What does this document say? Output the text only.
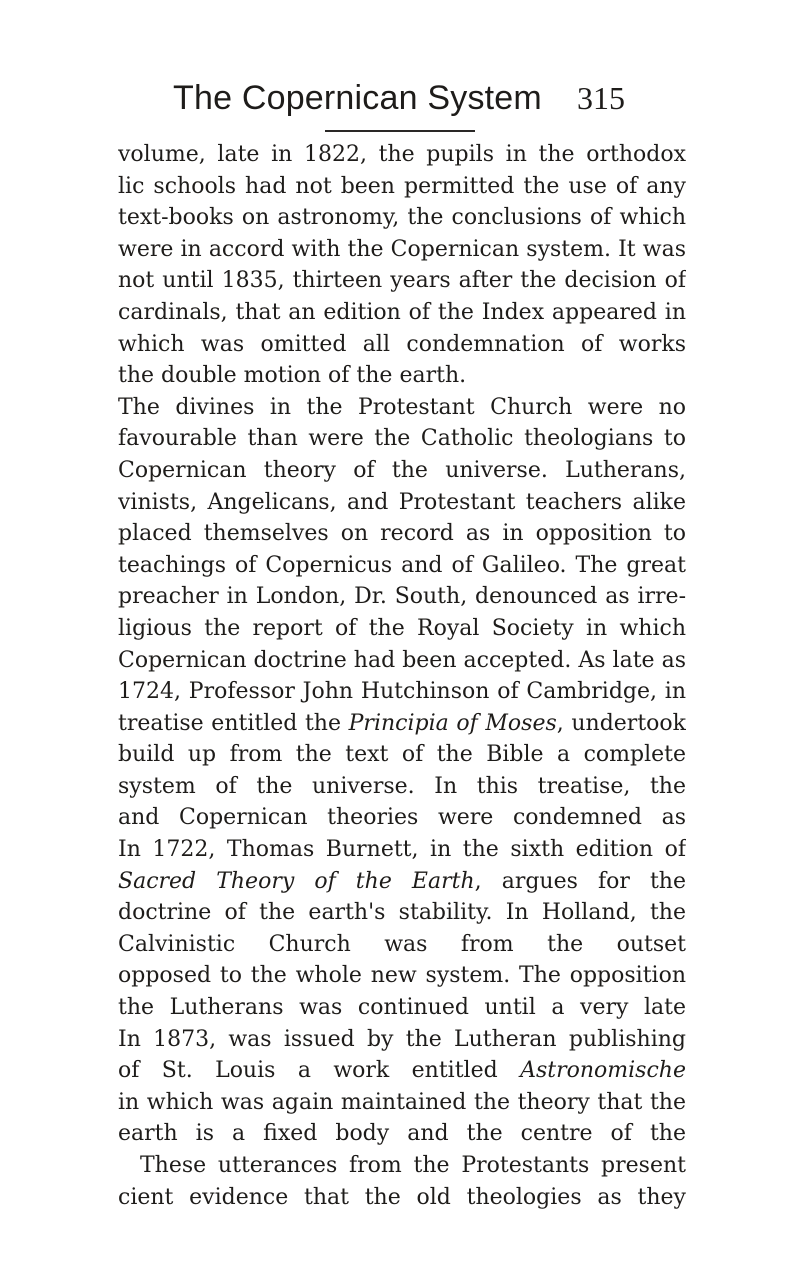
The Copernican System 315
volume, late in 1822, the pupils in the orthodox
lic schools had not been permitted the use of any
text-books on astronomy, the conclusions of which
were in accord with the Copernican system. It was
not until 1835, thirteen years after the decision of
cardinals, that an edition of the Index appeared in
which was omitted all condemnation of works
the double motion of the earth.
The divines in the Protestant Church were no
favourable than were the Catholic theologians to
Copernican theory of the universe. Lutherans,
vinists, Angelicans, and Protestant teachers alike
placed themselves on record as in opposition to
teachings of Copernicus and of Galileo. The great
preacher in London, Dr. South, denounced as irre-
ligious the report of the Royal Society in which
Copernican doctrine had been accepted. As late as
1724, Professor John Hutchinson of Cambridge, in
treatise entitled the Principia of Moses, undertook
build up from the text of the Bible a complete
system of the universe. In this treatise, the
and Copernican theories were condemned as
In 1722, Thomas Burnett, in the sixth edition of
Sacred Theory of the Earth, argues for the
doctrine of the earth's stability. In Holland, the
Calvinistic Church was from the outset
opposed to the whole new system. The opposition
the Lutherans was continued until a very late
In 1873, was issued by the Lutheran publishing
of St. Louis a work entitled Astronomische
in which was again maintained the theory that the
earth is a fixed body and the centre of the
These utterances from the Protestants present
cient evidence that the old theologies as they
